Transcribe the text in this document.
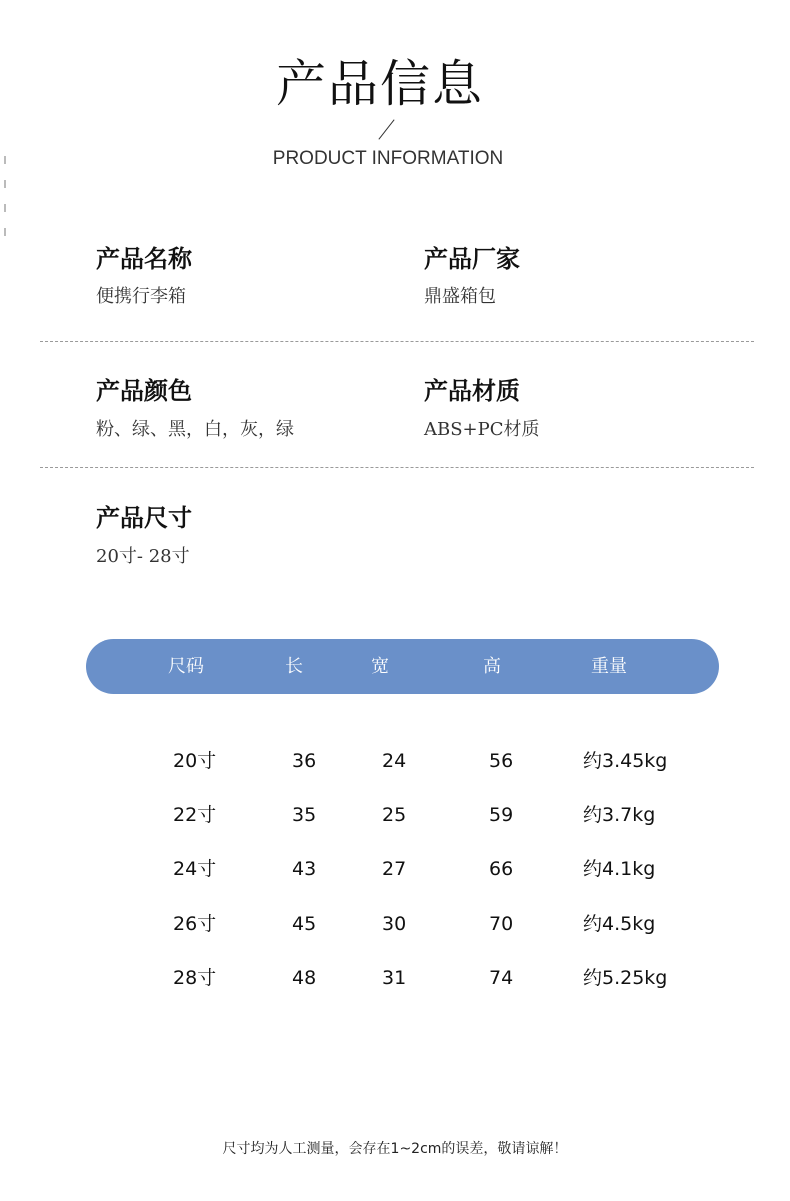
产品信息
PRODUCT INFORMATION
产品名称
便携行李箱
产品厂家
鼎盛箱包
产品颜色
粉、绿、黑，白，灰，绿
产品材质
ABS+PC材质
产品尺寸
20寸- 28寸
尺码	长	宽	高	重量
20寸	36	24	56	约3.45kg
22寸	35	25	59	约3.7kg
24寸	43	27	66	约4.1kg
26寸	45	30	70	约4.5kg
28寸	48	31	74	约5.25kg
尺寸均为人工测量，会存在1~2cm的误差，敬请谅解！
